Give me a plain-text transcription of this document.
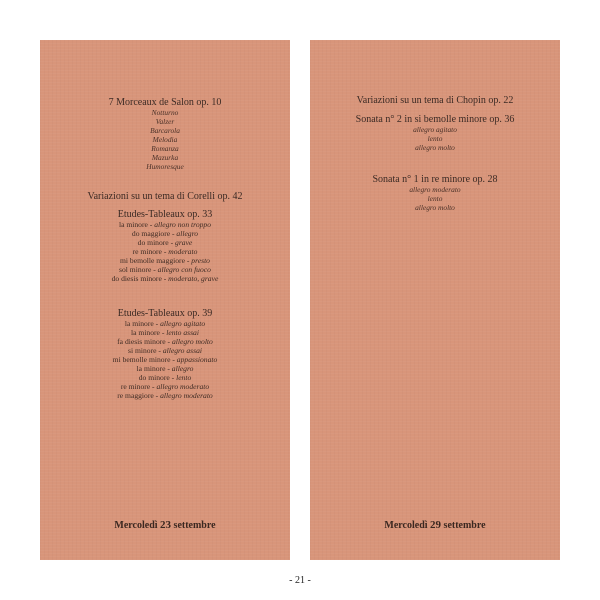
7 Morceaux de Salon op. 10
Notturno
Valzer
Barcarola
Melodia
Romanza
Mazurka
Humoresque
Variazioni su un tema di Corelli op. 42
Etudes-Tableaux op. 33
la minore - allegro non troppo
do maggiore - allegro
do minore - grave
re minore - moderato
mi bemolle maggiore - presto
sol minore - allegro con fuoco
do diesis minore - moderato, grave
Etudes-Tableaux op. 39
la minore - allegro agitato
la minore - lento assai
fa diesis minore - allegro molto
si minore - allegro assai
mi bemolle minore - appassionato
la minore - allegro
do minore - lento
re minore - allegro moderato
re maggiore - allegro moderato
Mercoledì 23 settembre
Variazioni su un tema di Chopin op. 22
Sonata n° 2 in si bemolle minore op. 36
allegro agitato
lento
allegro molto
Sonata n° 1 in re minore op. 28
allegro moderato
lento
allegro molto
Mercoledì 29 settembre
- 21 -
